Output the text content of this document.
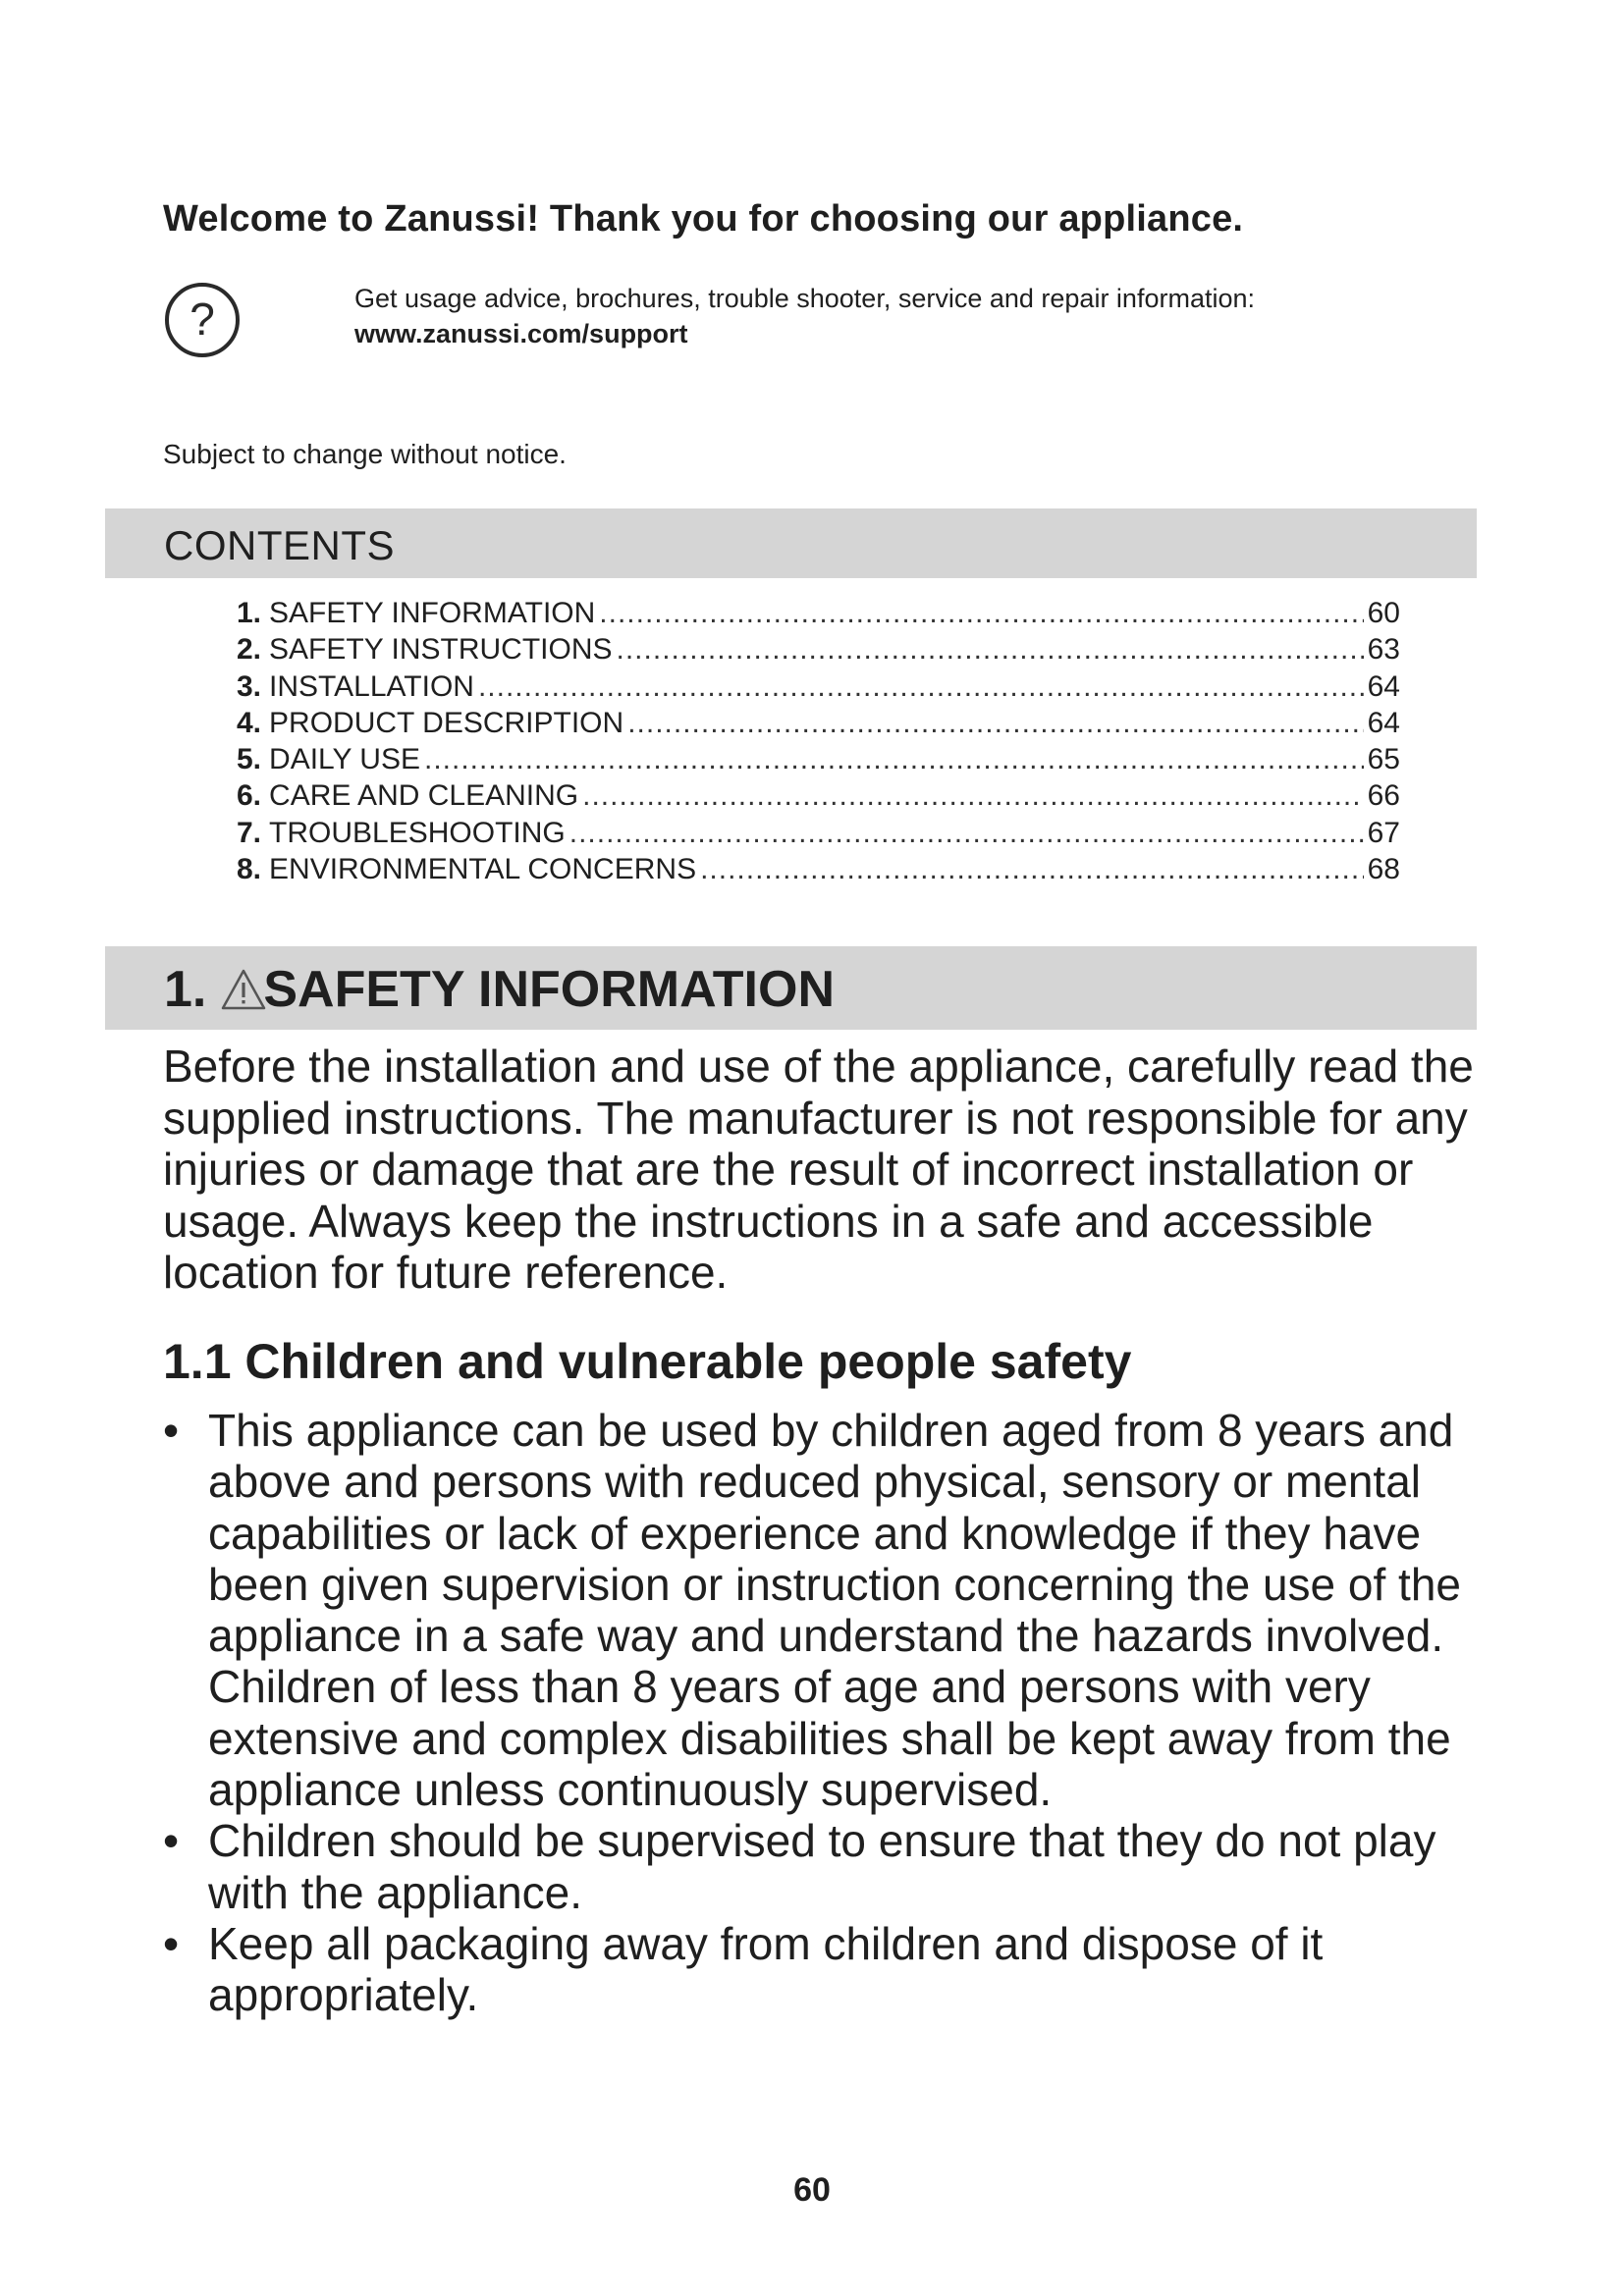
Welcome to Zanussi! Thank you for choosing our appliance.
?	Get usage advice, brochures, trouble shooter, service and repair information:
www.zanussi.com/support
Subject to change without notice.
CONTENTS
1. SAFETY INFORMATION .....	60
2. SAFETY INSTRUCTIONS .....	63
3. INSTALLATION .....	64
4. PRODUCT DESCRIPTION .....	64
5. DAILY USE .....	65
6. CARE AND CLEANING .....	66
7. TROUBLESHOOTING .....	67
8. ENVIRONMENTAL CONCERNS .....	68
1. SAFETY INFORMATION

Before the installation and use of the appliance, carefully read the supplied instructions. The manufacturer is not responsible for any injuries or damage that are the result of incorrect installation or usage. Always keep the instructions in a safe and accessible location for future reference.

1.1 Children and vulnerable people safety
• This appliance can be used by children aged from 8 years and above and persons with reduced physical, sensory or mental capabilities or lack of experience and knowledge if they have been given supervision or instruction concerning the use of the appliance in a safe way and understand the hazards involved. Children of less than 8 years of age and persons with very extensive and complex disabilities shall be kept away from the appliance unless continuously supervised.
• Children should be supervised to ensure that they do not play with the appliance.
• Keep all packaging away from children and dispose of it appropriately.
60
